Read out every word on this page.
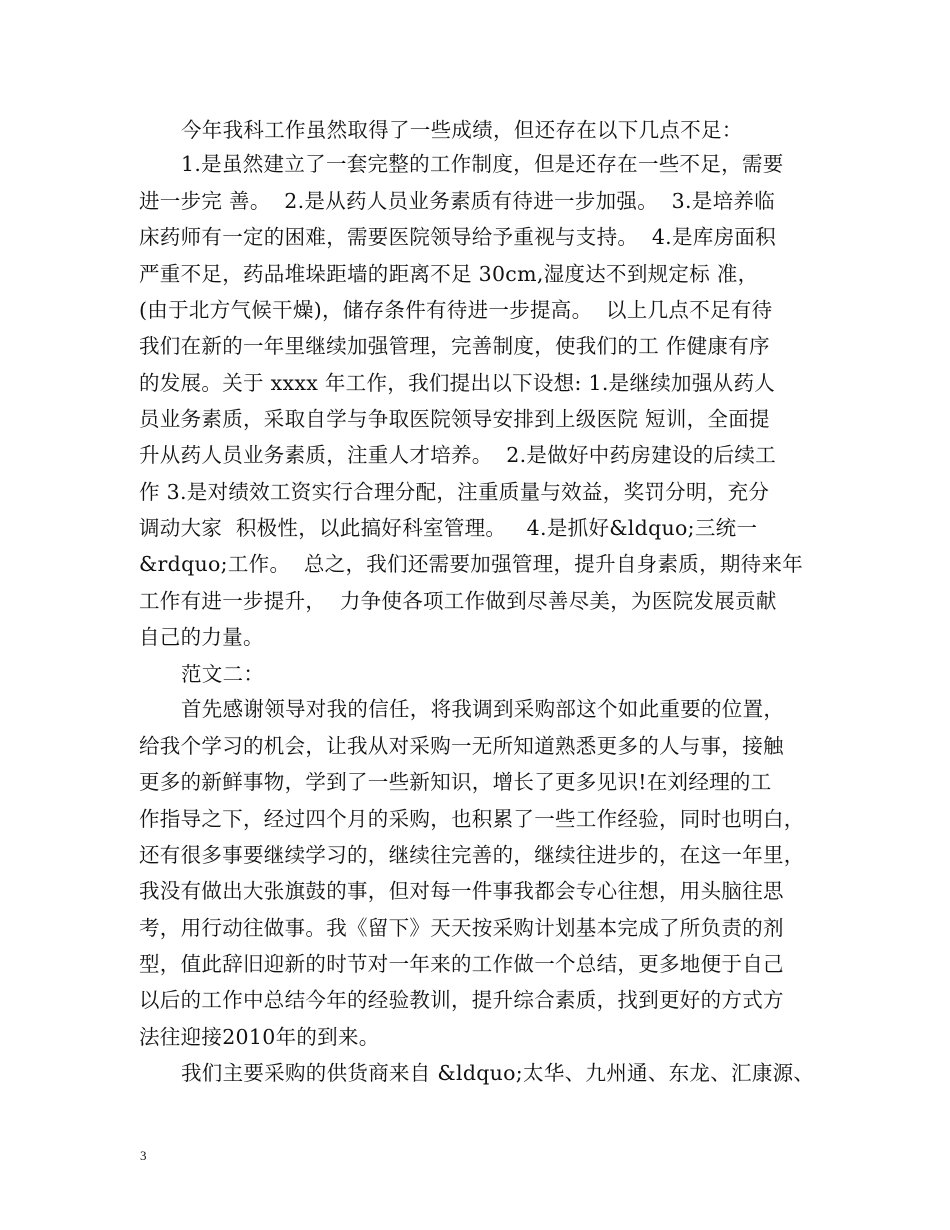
今年我科工作虽然取得了一些成绩，但还存在以下几点不足：
1.是虽然建立了一套完整的工作制度，但是还存在一些不足，需要
进一步完 善。  2.是从药人员业务素质有待进一步加强。  3.是培养临
床药师有一定的困难，需要医院领导给予重视与支持。  4.是库房面积
严重不足，药品堆垛距墙的距离不足 30cm,湿度达不到规定标 准，
(由于北方气候干燥)，储存条件有待进一步提高。  以上几点不足有待
我们在新的一年里继续加强管理，完善制度，使我们的工 作健康有序
的发展。关于 xxxx 年工作，我们提出以下设想: 1.是继续加强从药人
员业务素质，采取自学与争取医院领导安排到上级医院 短训，全面提
升从药人员业务素质，注重人才培养。  2.是做好中药房建设的后续工
作 3.是对绩效工资实行合理分配，注重质量与效益，奖罚分明，充分
调动大家  积极性，以此搞好科室管理。   4.是抓好&ldquo;三统一
&rdquo;工作。  总之，我们还需要加强管理，提升自身素质，期待来年
工作有进一步提升，  力争使各项工作做到尽善尽美，为医院发展贡献
自己的力量。
范文二：
首先感谢领导对我的信任，将我调到采购部这个如此重要的位置，
给我个学习的机会，让我从对采购一无所知道熟悉更多的人与事，接触
更多的新鲜事物，学到了一些新知识，增长了更多见识!在刘经理的工
作指导之下，经过四个月的采购，也积累了一些工作经验，同时也明白，
还有很多事要继续学习的，继续往完善的，继续往进步的，在这一年里，
我没有做出大张旗鼓的事，但对每一件事我都会专心往想，用头脑往思
考，用行动往做事。我《留下》天天按采购计划基本完成了所负责的剂
型，值此辞旧迎新的时节对一年来的工作做一个总结，更多地便于自己
以后的工作中总结今年的经验教训，提升综合素质，找到更好的方式方
法往迎接2010年的到来。
我们主要采购的供货商来自 &ldquo;太华、九州通、东龙、汇康源、
3
